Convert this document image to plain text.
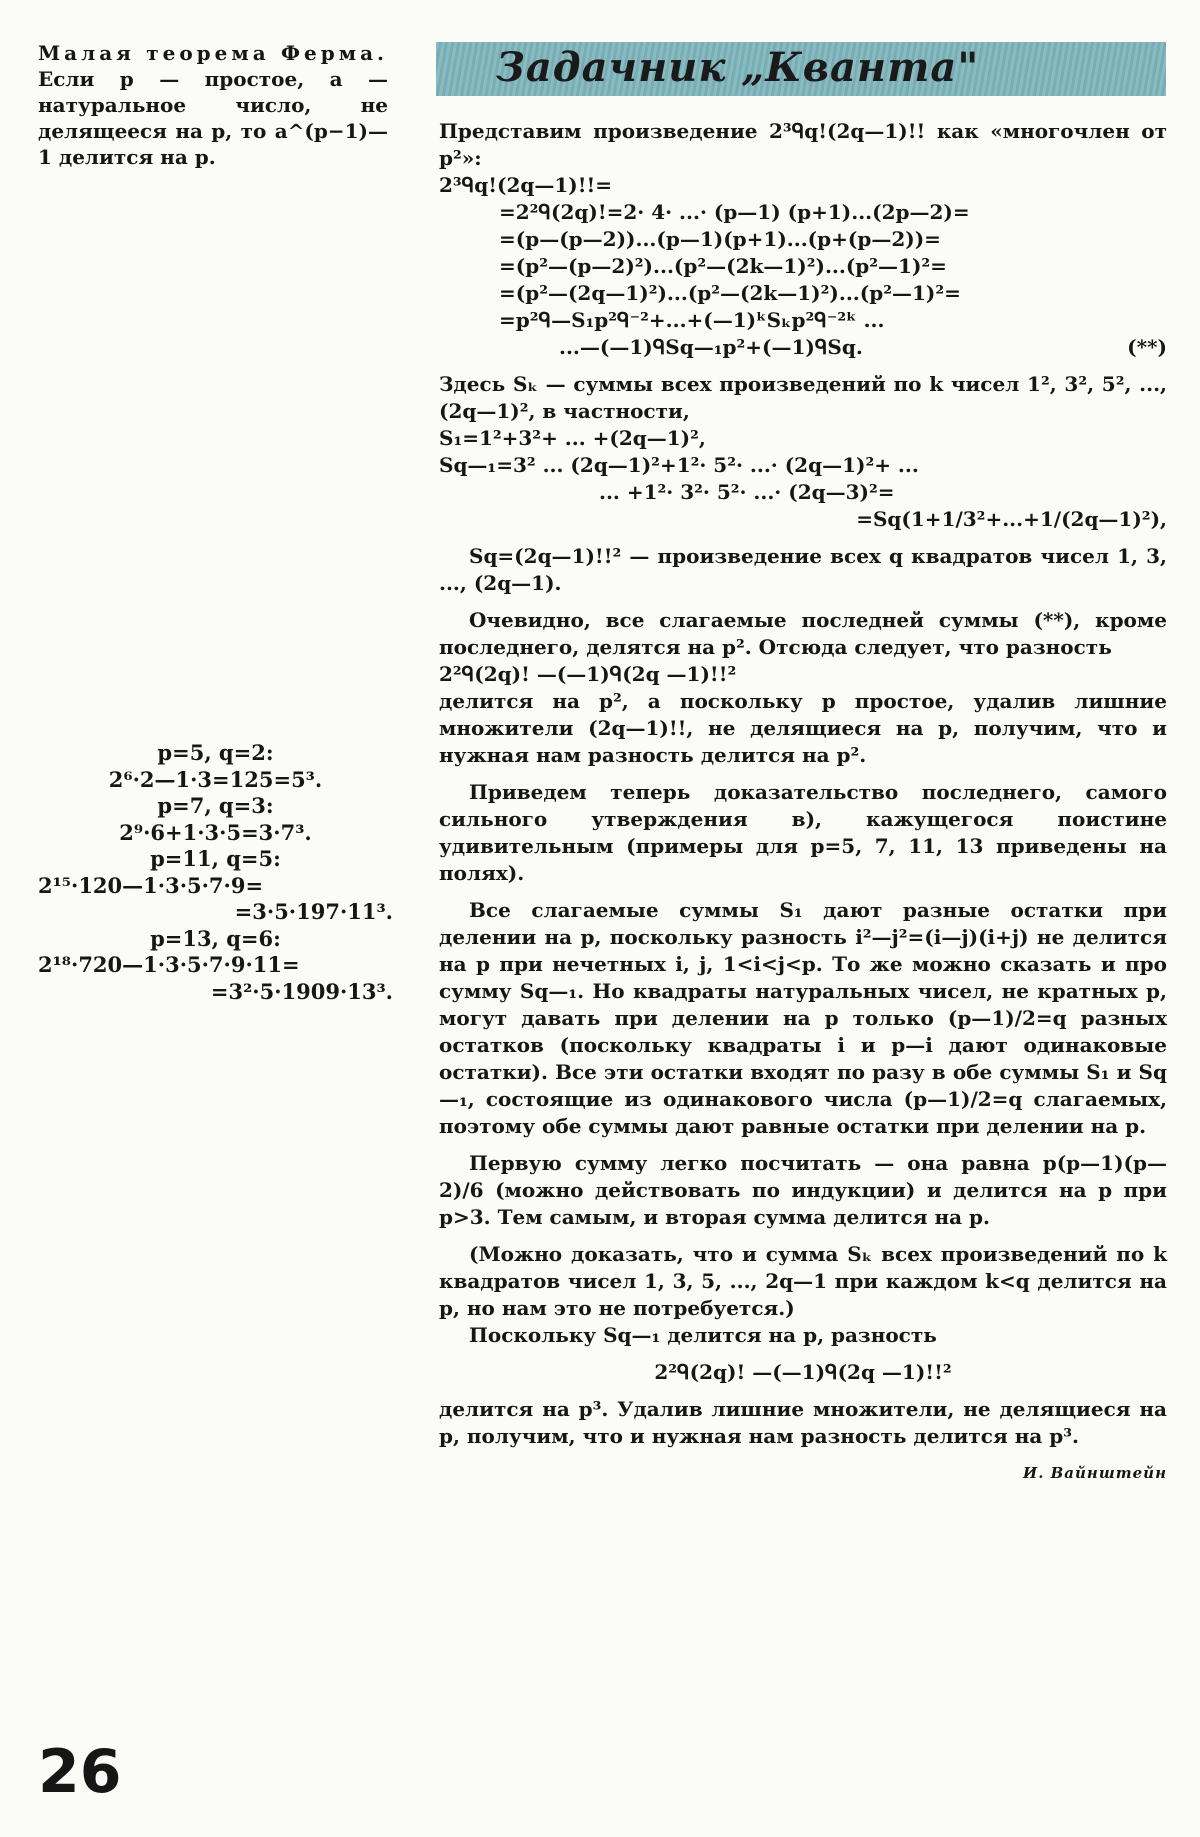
Малая теорема Ферма. Если p — простое, a — натуральное число, не делящееся на p, то a^(p−1)—1 делится на p.

p=5, q=2:
2⁶·2—1·3=125=5³.
p=7, q=3:
2⁹·6+1·3·5=3·7³.
p=11, q=5:
2¹⁵·120—1·3·5·7·9=
=3·5·197·11³.
p=13, q=6:
2¹⁸·720—1·3·5·7·9·11=
=3²·5·1909·13³.
Задачник „Кванта"

Представим произведение 2³ᑫq!(2q—1)!! как «многочлен от p²»:

2³ᑫq!(2q—1)!!=

=2²ᑫ(2q)!=2· 4· ...· (p—1) (p+1)...(2p—2)=

=(p—(p—2))...(p—1)(p+1)...(p+(p—2))=

=(p²—(p—2)²)...(p²—(2k—1)²)...(p²—1)²=

=(p²—(2q—1)²)...(p²—(2k—1)²)...(p²—1)²=

=p²ᑫ—S₁p²ᑫ⁻²+...+(—1)ᵏSₖp²ᑫ⁻²ᵏ ...

...—(—1)ᑫSq—₁p²+(—1)ᑫSq.	(**)

Здесь Sₖ — суммы всех произведений по k чисел 1², 3², 5², ..., (2q—1)², в частности,

S₁=1²+3²+ ... +(2q—1)²,

Sq—₁=3² ... (2q—1)²+1²· 5²· ...· (2q—1)²+ ...

... +1²· 3²· 5²· ...· (2q—3)²=

=Sq(1+1/3²+...+1/(2q—1)²),

Sq=(2q—1)!!² — произведение всех q квадратов чисел 1, 3, ..., (2q—1).

Очевидно, все слагаемые последней суммы (**), кроме последнего, делятся на p². Отсюда следует, что разность

2²ᑫ(2q)! —(—1)ᑫ(2q —1)!!²

делится на p², а поскольку p простое, удалив лишние множители (2q—1)!!, не делящиеся на p, получим, что и нужная нам разность делится на p².

Приведем теперь доказательство последнего, самого сильного утверждения в), кажущегося поистине удивительным (примеры для p=5, 7, 11, 13 приведены на полях).

Все слагаемые суммы S₁ дают разные остатки при делении на p, поскольку разность i²—j²=(i—j)(i+j) не делится на p при нечетных i, j, 1<i<j<p. То же можно сказать и про сумму Sq—₁. Но квадраты натуральных чисел, не кратных p, могут давать при делении на p только (p—1)/2=q разных остатков (поскольку квадраты i и p—i дают одинаковые остатки). Все эти остатки входят по разу в обе суммы S₁ и Sq—₁, состоящие из одинакового числа (p—1)/2=q слагаемых, поэтому обе суммы дают равные остатки при делении на p.

Первую сумму легко посчитать — она равна p(p—1)(p—2)/6 (можно действовать по индукции) и делится на p при p>3. Тем самым, и вторая сумма делится на p.

(Можно доказать, что и сумма Sₖ всех произведений по k квадратов чисел 1, 3, 5, ..., 2q—1 при каждом k<q делится на p, но нам это не потребуется.)

Поскольку Sq—₁ делится на p, разность

2²ᑫ(2q)! —(—1)ᑫ(2q —1)!!²

делится на p³. Удалив лишние множители, не делящиеся на p, получим, что и нужная нам разность делится на p³.

И. Вайнштейн
26
